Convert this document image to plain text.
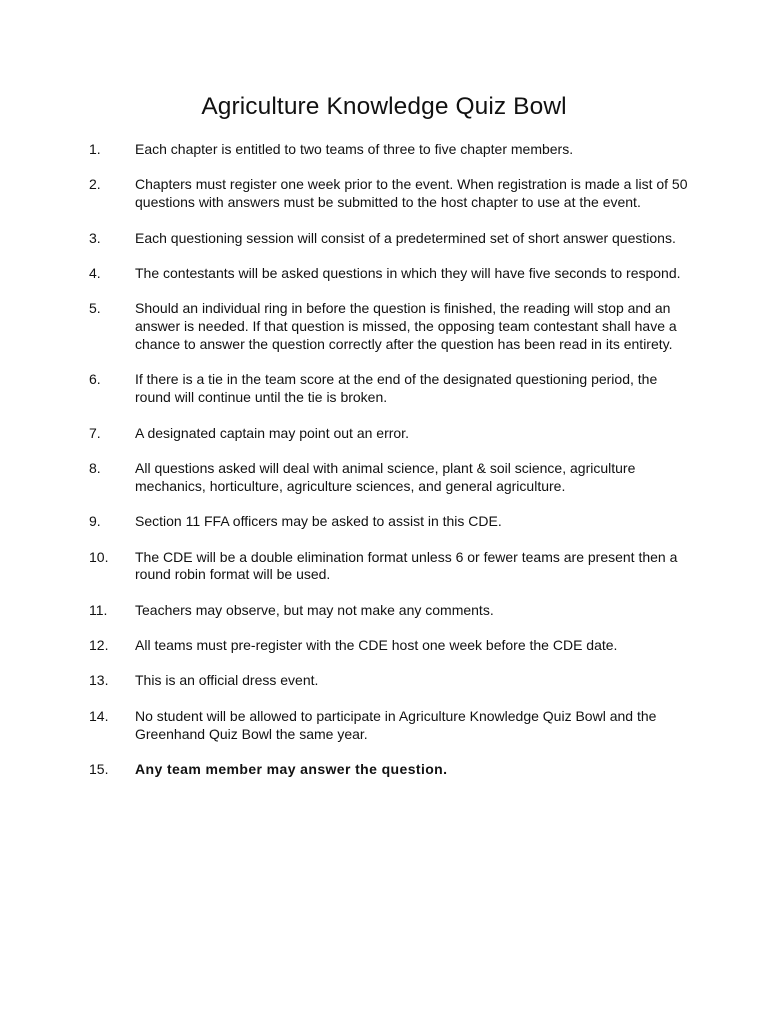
Agriculture Knowledge Quiz Bowl
1.	Each chapter is entitled to two teams of three to five chapter members.
2.	Chapters must register one week prior to the event. When registration is made a list of 50 questions with answers must be submitted to the host chapter to use at the event.
3.	Each questioning session will consist of a predetermined set of short answer questions.
4.	The contestants will be asked questions in which they will have five seconds to respond.
5.	Should an individual ring in before the question is finished, the reading will stop and an answer is needed. If that question is missed, the opposing team contestant shall have a chance to answer the question correctly after the question has been read in its entirety.
6.	If there is a tie in the team score at the end of the designated questioning period, the round will continue until the tie is broken.
7.	A designated captain may point out an error.
8.	All questions asked will deal with animal science, plant & soil science, agriculture mechanics, horticulture, agriculture sciences, and general agriculture.
9.	Section 11 FFA officers may be asked to assist in this CDE.
10.	The CDE will be a double elimination format unless 6 or fewer teams are present then a round robin format will be used.
11.	Teachers may observe, but may not make any comments.
12.	All teams must pre-register with the CDE host one week before the CDE date.
13.	This is an official dress event.
14.	No student will be allowed to participate in Agriculture Knowledge Quiz Bowl and the Greenhand Quiz Bowl the same year.
15.	Any team member may answer the question.
